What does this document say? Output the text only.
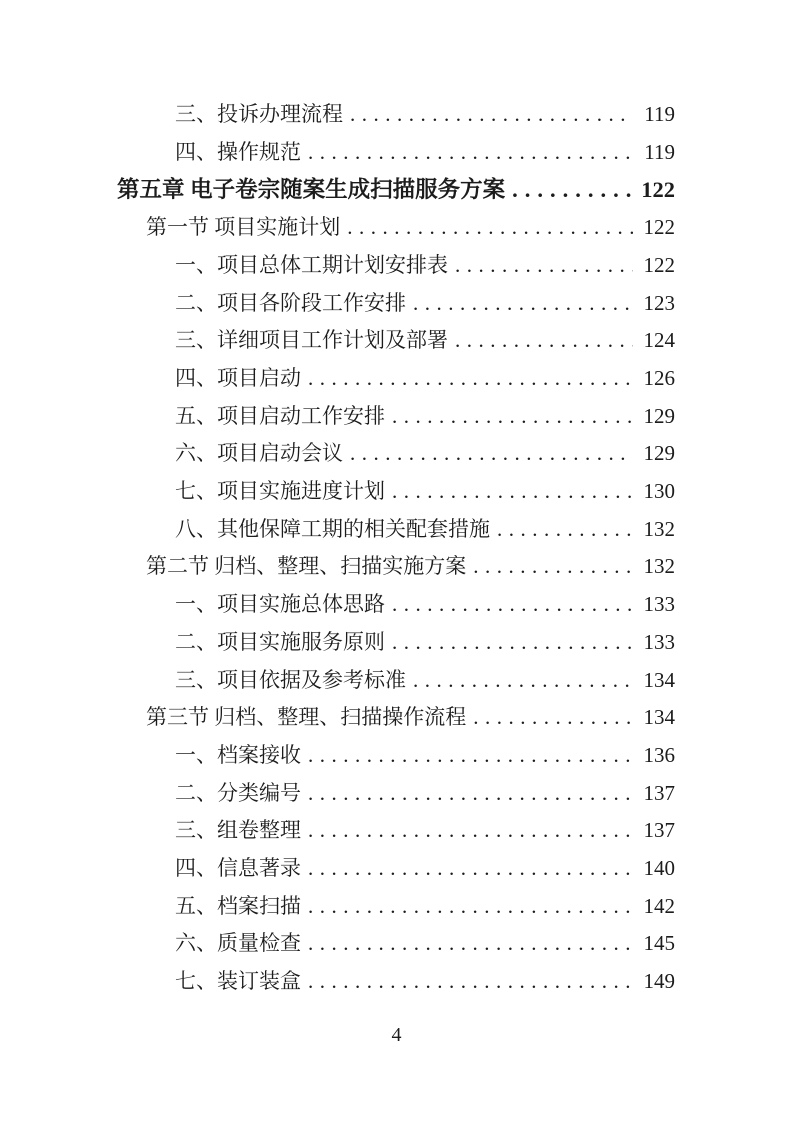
三、投诉办理流程 .....	119
四、操作规范 .....	119
第五章 电子卷宗随案生成扫描服务方案 .....	122
第一节 项目实施计划 .....	122
一、项目总体工期计划安排表 .....	122
二、项目各阶段工作安排 .....	123
三、详细项目工作计划及部署 .....	124
四、项目启动 .....	126
五、项目启动工作安排 .....	129
六、项目启动会议 .....	129
七、项目实施进度计划 .....	130
八、其他保障工期的相关配套措施 .....	132
第二节 归档、整理、扫描实施方案 .....	132
一、项目实施总体思路 .....	133
二、项目实施服务原则 .....	133
三、项目依据及参考标准 .....	134
第三节 归档、整理、扫描操作流程 .....	134
一、档案接收 .....	136
二、分类编号 .....	137
三、组卷整理 .....	137
四、信息著录 .....	140
五、档案扫描 .....	142
六、质量检查 .....	145
七、装订装盒 .....	149
4
